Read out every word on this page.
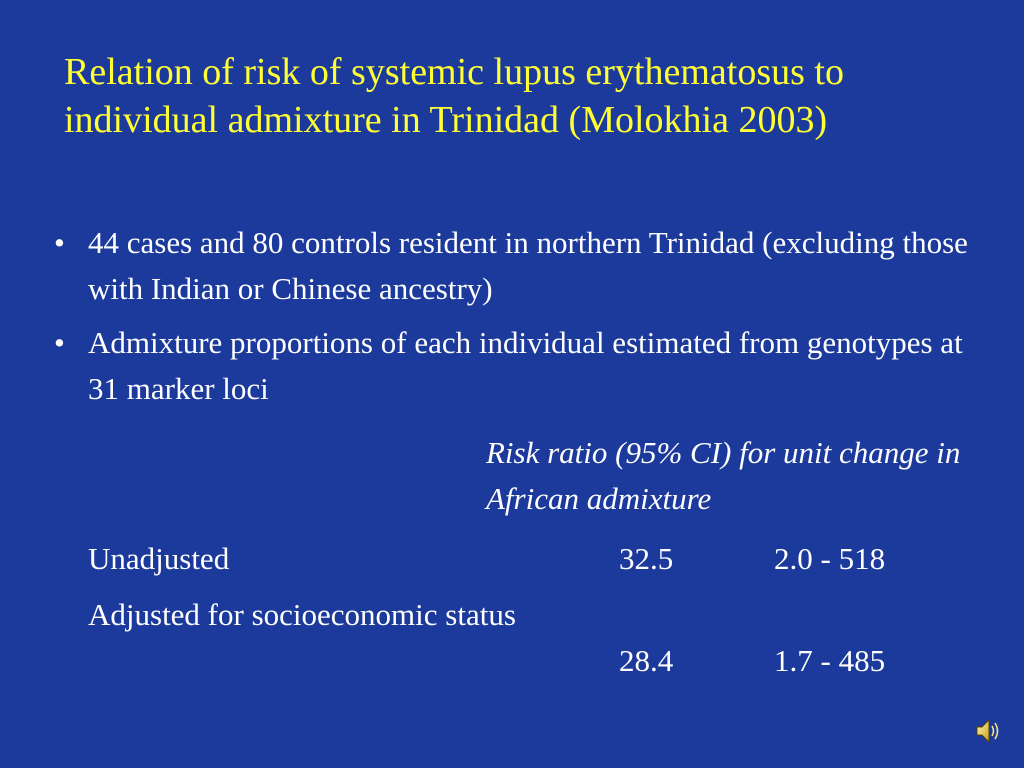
Relation of risk of systemic lupus erythematosus to individual admixture in Trinidad (Molokhia 2003)
• 44 cases and 80 controls resident in northern Trinidad (excluding those with Indian or Chinese ancestry)
• Admixture proportions of each individual estimated from genotypes at 31 marker loci
Risk ratio (95% CI) for unit change in African admixture
Unadjusted	32.5	2.0 - 518
Adjusted for socioeconomic status
28.4	1.7 - 485
